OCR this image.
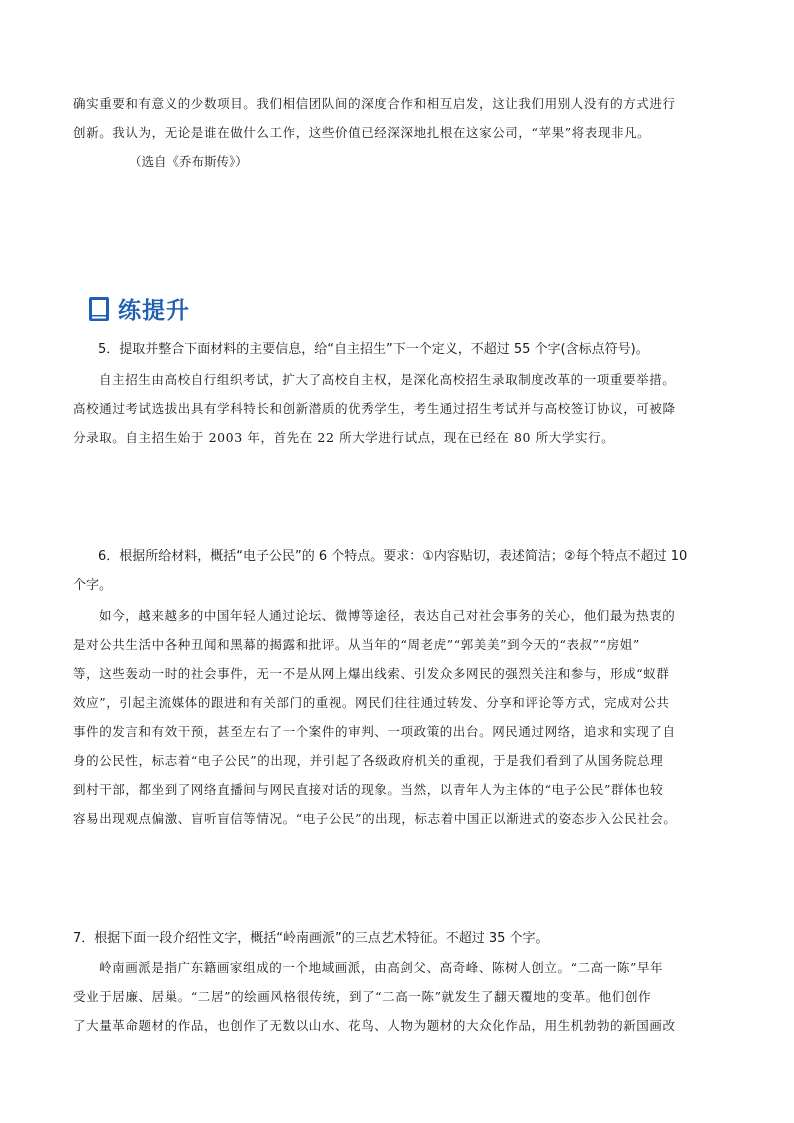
确实重要和有意义的少数项目。我们相信团队间的深度合作和相互启发，这让我们用别人没有的方式进行

创新。我认为，无论是谁在做什么工作，这些价值已经深深地扎根在这家公司，“苹果”将表现非凡。

（选自《乔布斯传》）
练提升

5．提取并整合下面材料的主要信息，给“自主招生”下一个定义，不超过 55 个字(含标点符号)。

自主招生由高校自行组织考试，扩大了高校自主权，是深化高校招生录取制度改革的一项重要举措。

高校通过考试选拔出具有学科特长和创新潜质的优秀学生，考生通过招生考试并与高校签订协议，可被降

分录取。自主招生始于 2003 年，首先在 22 所大学进行试点，现在已经在 80 所大学实行。

6．根据所给材料，概括“电子公民”的 6 个特点。要求：①内容贴切，表述简洁；②每个特点不超过 10

个字。

如今，越来越多的中国年轻人通过论坛、微博等途径，表达自己对社会事务的关心，他们最为热衷的

是对公共生活中各种丑闻和黑幕的揭露和批评。从当年的“周老虎”“郭美美”到今天的“表叔”“房姐”

等，这些轰动一时的社会事件，无一不是从网上爆出线索、引发众多网民的强烈关注和参与，形成“蚁群

效应”，引起主流媒体的跟进和有关部门的重视。网民们往往通过转发、分享和评论等方式，完成对公共

事件的发言和有效干预，甚至左右了一个案件的审判、一项政策的出台。网民通过网络，追求和实现了自

身的公民性，标志着“电子公民”的出现，并引起了各级政府机关的重视，于是我们看到了从国务院总理

到村干部，都坐到了网络直播间与网民直接对话的现象。当然，以青年人为主体的“电子公民”群体也较

容易出现观点偏激、盲听盲信等情况。“电子公民”的出现，标志着中国正以渐进式的姿态步入公民社会。

7．根据下面一段介绍性文字，概括“岭南画派”的三点艺术特征。不超过 35 个字。

岭南画派是指广东籍画家组成的一个地域画派，由高剑父、高奇峰、陈树人创立。“二高一陈”早年

受业于居廉、居巢。“二居”的绘画风格很传统，到了“二高一陈”就发生了翻天覆地的变革。他们创作

了大量革命题材的作品，也创作了无数以山水、花鸟、人物为题材的大众化作品，用生机勃勃的新国画改
